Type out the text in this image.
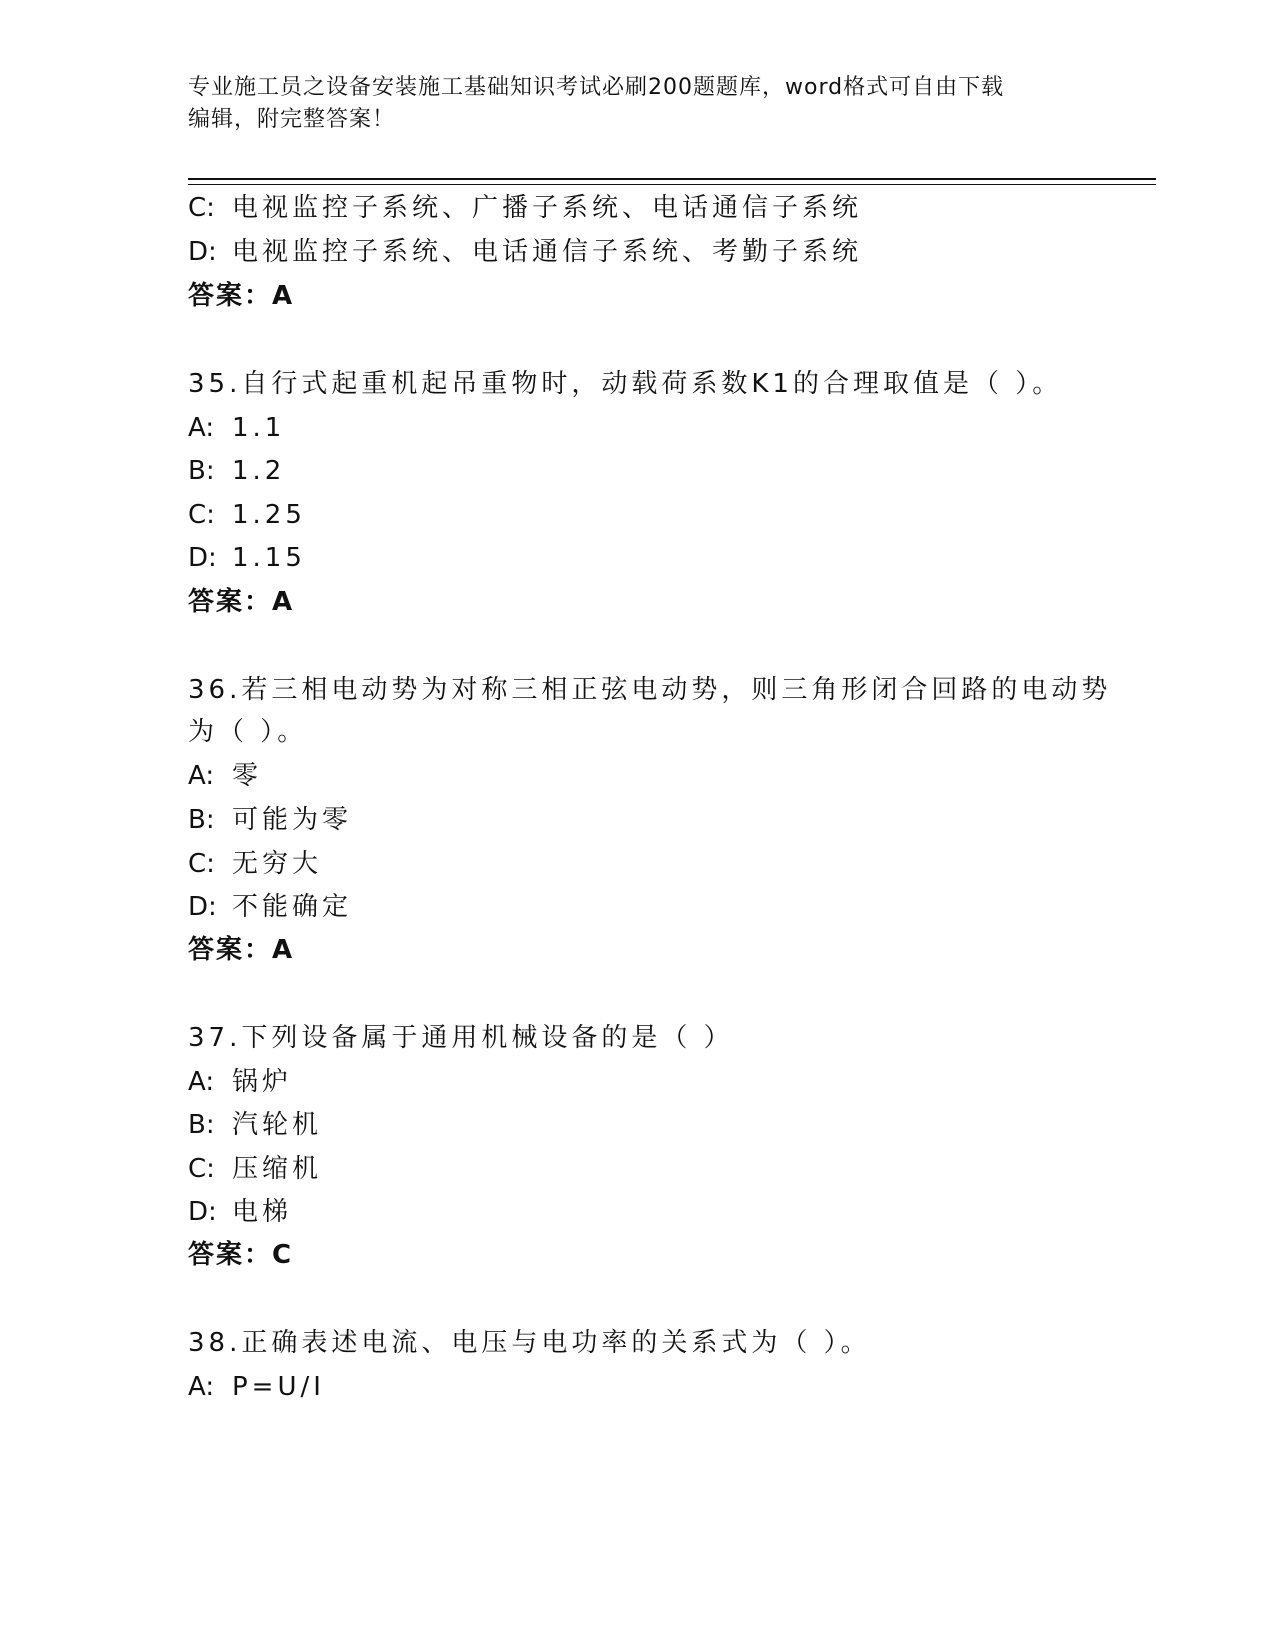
专业施工员之设备安装施工基础知识考试必刷200题题库，word格式可自由下载
编辑，附完整答案！
C: 电视监控子系统、广播子系统、电话通信子系统
D: 电视监控子系统、电话通信子系统、考勤子系统
答案：A
35.自行式起重机起吊重物时，动载荷系数K1的合理取值是（ ）。
A: 1.1
B: 1.2
C: 1.25
D: 1.15
答案：A
36.若三相电动势为对称三相正弦电动势，则三角形闭合回路的电动势
为（ ）。
A: 零
B: 可能为零
C: 无穷大
D: 不能确定
答案：A
37.下列设备属于通用机械设备的是（ ）
A: 锅炉
B: 汽轮机
C: 压缩机
D: 电梯
答案：C
38.正确表述电流、电压与电功率的关系式为（ ）。
A: P=U/I
